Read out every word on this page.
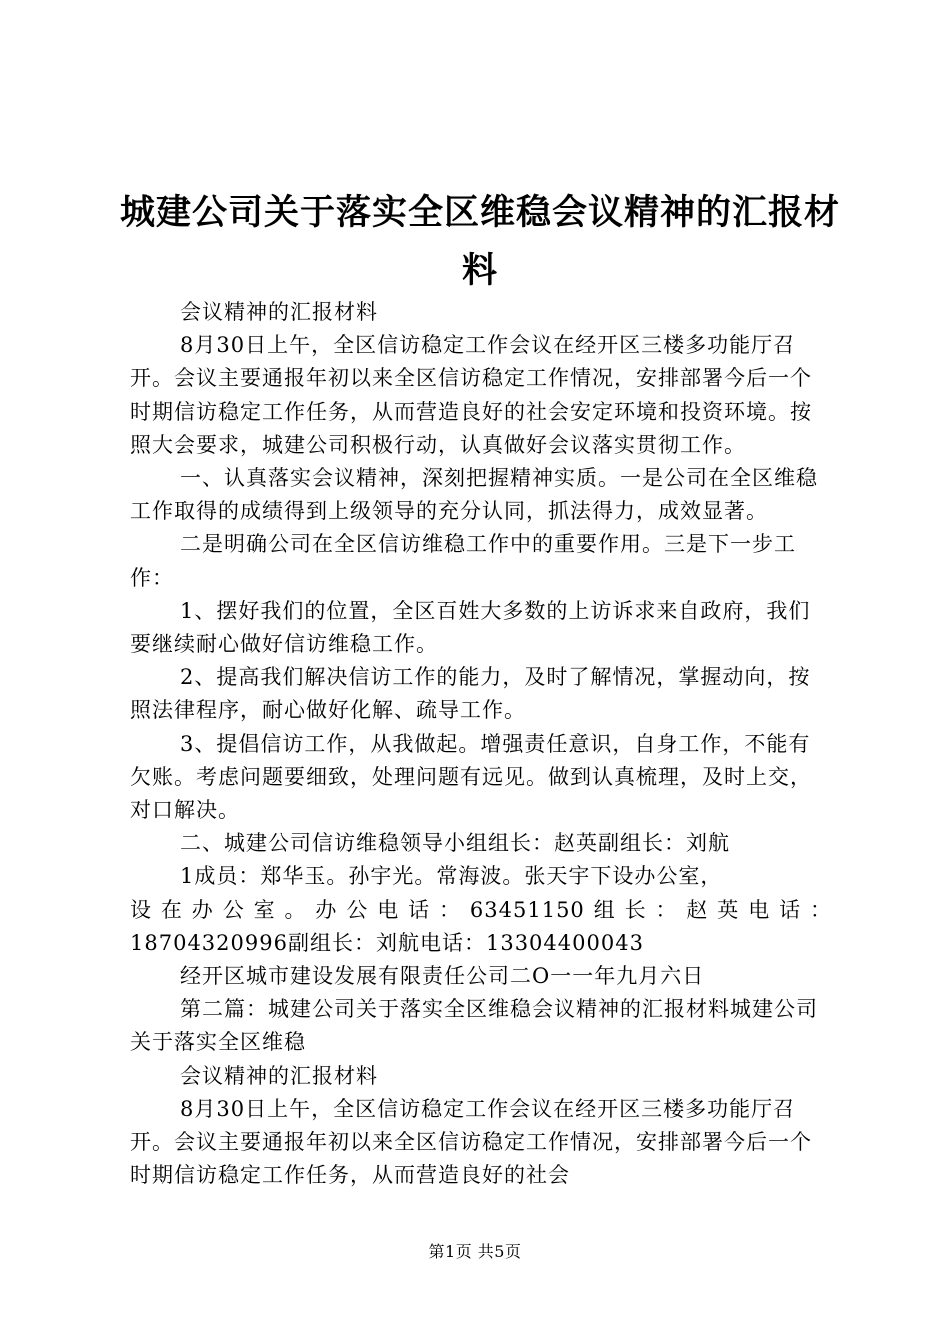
城建公司关于落实全区维稳会议精神的汇报材料

会议精神的汇报材料

8月30日上午，全区信访稳定工作会议在经开区三楼多功能厅召开。会议主要通报年初以来全区信访稳定工作情况，安排部署今后一个时期信访稳定工作任务，从而营造良好的社会安定环境和投资环境。按照大会要求，城建公司积极行动，认真做好会议落实贯彻工作。

一、认真落实会议精神，深刻把握精神实质。一是公司在全区维稳工作取得的成绩得到上级领导的充分认同，抓法得力，成效显著。

二是明确公司在全区信访维稳工作中的重要作用。三是下一步工作：

1、摆好我们的位置，全区百姓大多数的上访诉求来自政府，我们要继续耐心做好信访维稳工作。

2、提高我们解决信访工作的能力，及时了解情况，掌握动向，按照法律程序，耐心做好化解、疏导工作。

3、提倡信访工作，从我做起。增强责任意识，自身工作，不能有欠账。考虑问题要细致，处理问题有远见。做到认真梳理，及时上交，对口解决。

二、城建公司信访维稳领导小组组长：赵英副组长：刘航

1成员：郑华玉。孙宇光。常海波。张天宇下设办公室，

设在办公室。办公电话：63451150组长：赵英电话：

18704320996副组长：刘航电话：13304400043

经开区城市建设发展有限责任公司二O一一年九月六日

第二篇：城建公司关于落实全区维稳会议精神的汇报材料城建公司关于落实全区维稳

会议精神的汇报材料

8月30日上午，全区信访稳定工作会议在经开区三楼多功能厅召开。会议主要通报年初以来全区信访稳定工作情况，安排部署今后一个时期信访稳定工作任务，从而营造良好的社会

第1页 共5页
